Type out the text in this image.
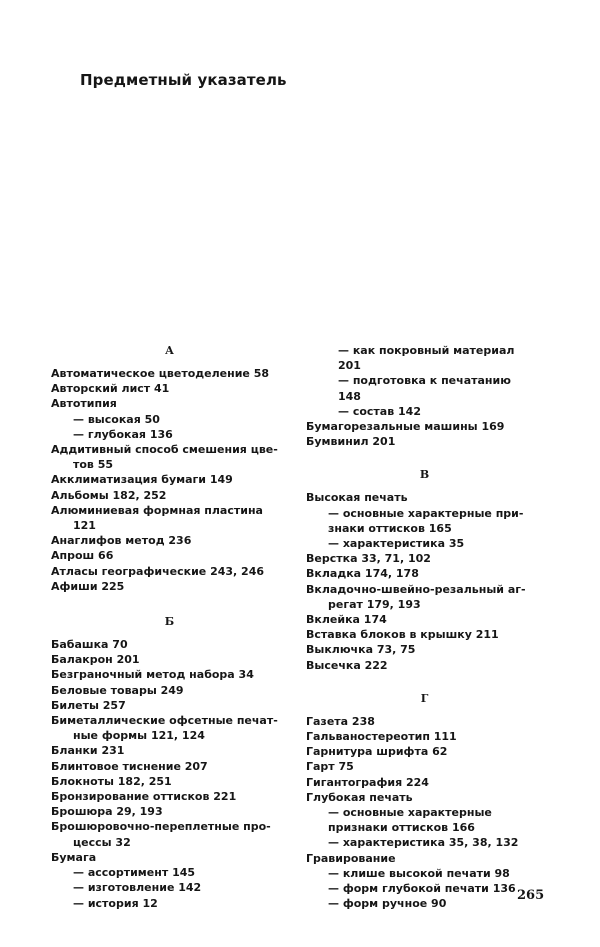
Предметный указатель
А
Автоматическое цветоделение 58
Авторский лист 41
Автотипия
— высокая 50
— глубокая 136
Аддитивный способ смешения цве-
тов 55
Акклиматизация бумаги 149
Альбомы 182, 252
Алюминиевая формная пластина
121
Анаглифов метод 236
Апрош 66
Атласы географические 243, 246
Афиши 225
Б
Бабашка 70
Балакрон 201
Безграночный метод набора 34
Беловые товары 249
Билеты 257
Биметаллические офсетные печат-
ные формы 121, 124
Бланки 231
Блинтовое тиснение 207
Блокноты 182, 251
Бронзирование оттисков 221
Брошюра 29, 193
Брошюровочно-переплетные про-
цессы 32
Бумага
— ассортимент 145
— изготовление 142
— история 12
— как покровный материал
201
— подготовка к печатанию
148
— состав 142
Бумагорезальные машины 169
Бумвинил 201
В
Высокая печать
— основные характерные при-
знаки оттисков 165
— характеристика 35
Верстка 33, 71, 102
Вкладка 174, 178
Вкладочно-швейно-резальный аг-
регат 179, 193
Вклейка 174
Вставка блоков в крышку 211
Выключка 73, 75
Высечка 222
Г
Газета 238
Гальваностереотип 111
Гарнитура шрифта 62
Гарт 75
Гигантография 224
Глубокая печать
— основные характерные
признаки оттисков 166
— характеристика 35, 38, 132
Гравирование
— клише высокой печати 98
— форм глубокой печати 136
— форм ручное 90
265
